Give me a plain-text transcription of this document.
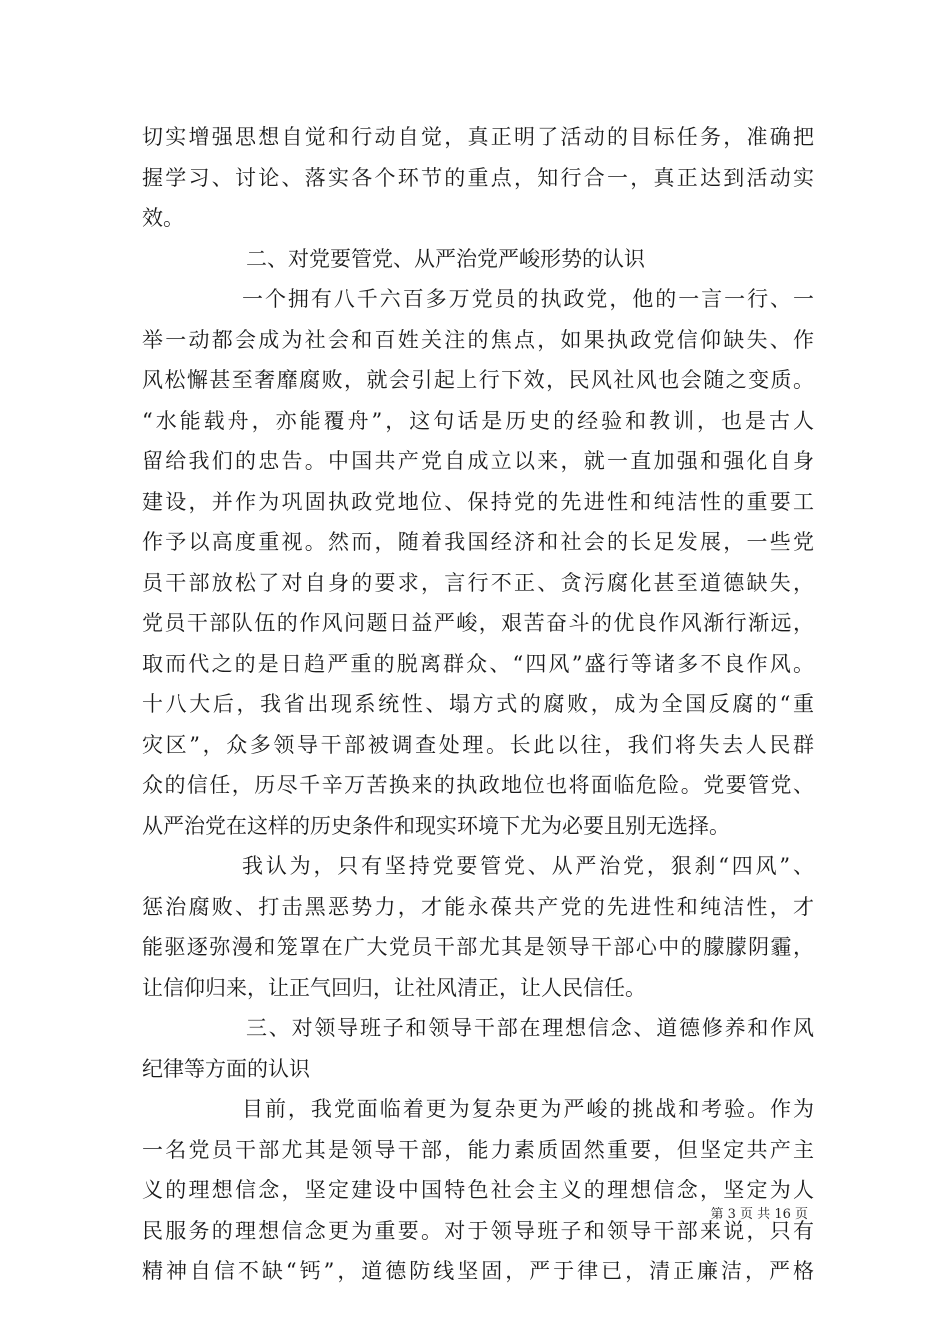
切实增强思想自觉和行动自觉，真正明了活动的目标任务，准确把
握学习、讨论、落实各个环节的重点，知行合一，真正达到活动实
效。
二、对党要管党、从严治党严峻形势的认识
一个拥有八千六百多万党员的执政党，他的一言一行、一
举一动都会成为社会和百姓关注的焦点，如果执政党信仰缺失、作
风松懈甚至奢靡腐败，就会引起上行下效，民风社风也会随之变质。
“水能载舟，亦能覆舟”，这句话是历史的经验和教训，也是古人
留给我们的忠告。中国共产党自成立以来，就一直加强和强化自身
建设，并作为巩固执政党地位、保持党的先进性和纯洁性的重要工
作予以高度重视。然而，随着我国经济和社会的长足发展，一些党
员干部放松了对自身的要求，言行不正、贪污腐化甚至道德缺失，
党员干部队伍的作风问题日益严峻，艰苦奋斗的优良作风渐行渐远，
取而代之的是日趋严重的脱离群众、“四风”盛行等诸多不良作风。
十八大后，我省出现系统性、塌方式的腐败，成为全国反腐的“重
灾区”，众多领导干部被调查处理。长此以往，我们将失去人民群
众的信任，历尽千辛万苦换来的执政地位也将面临危险。党要管党、
从严治党在这样的历史条件和现实环境下尤为必要且别无选择。
我认为，只有坚持党要管党、从严治党，狠刹“四风”、
惩治腐败、打击黑恶势力，才能永葆共产党的先进性和纯洁性，才
能驱逐弥漫和笼罩在广大党员干部尤其是领导干部心中的朦朦阴霾，
让信仰归来，让正气回归，让社风清正，让人民信任。
三、对领导班子和领导干部在理想信念、道德修养和作风
纪律等方面的认识
目前，我党面临着更为复杂更为严峻的挑战和考验。作为
一名党员干部尤其是领导干部，能力素质固然重要，但坚定共产主
义的理想信念，坚定建设中国特色社会主义的理想信念，坚定为人
民服务的理想信念更为重要。对于领导班子和领导干部来说，只有
精神自信不缺“钙”，道德防线坚固，严于律已，清正廉洁，严格
第 3 页 共 16 页
